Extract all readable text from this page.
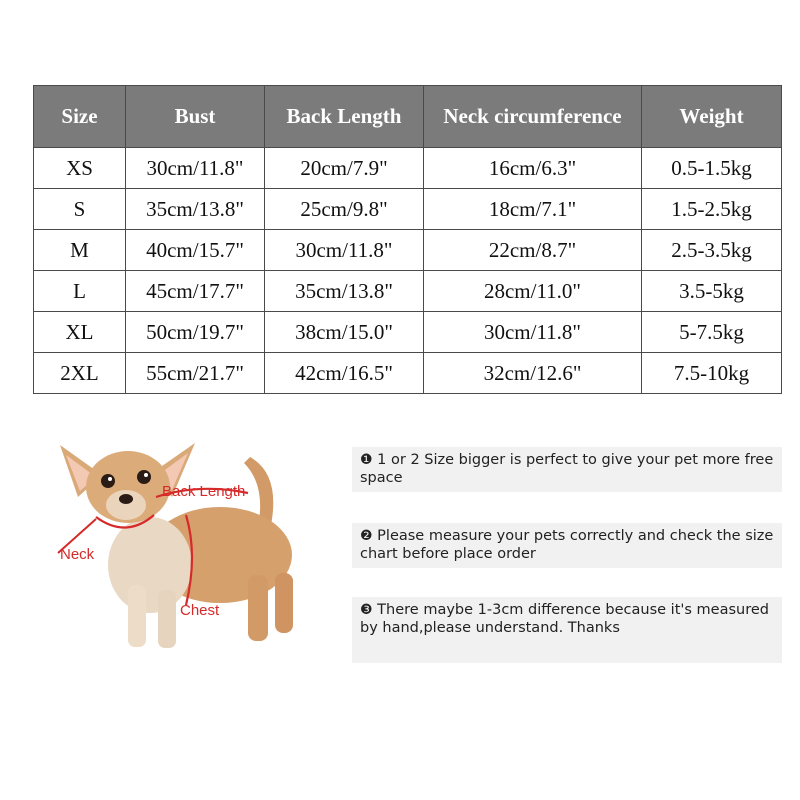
Size	Bust	Back Length	Neck circumference	Weight
XS	30cm/11.8"	20cm/7.9"	16cm/6.3"	0.5-1.5kg
S	35cm/13.8"	25cm/9.8"	18cm/7.1"	1.5-2.5kg
M	40cm/15.7"	30cm/11.8"	22cm/8.7"	2.5-3.5kg
L	45cm/17.7"	35cm/13.8"	28cm/11.0"	3.5-5kg
XL	50cm/19.7"	38cm/15.0"	30cm/11.8"	5-7.5kg
2XL	55cm/21.7"	42cm/16.5"	32cm/12.6"	7.5-10kg
Back Length
Neck
Chest
❶ 1 or 2 Size bigger is perfect to give your pet more free space
❷ Please measure your pets correctly and check the size chart before place order
❸ There maybe 1-3cm difference because it's measured by hand,please understand. Thanks
